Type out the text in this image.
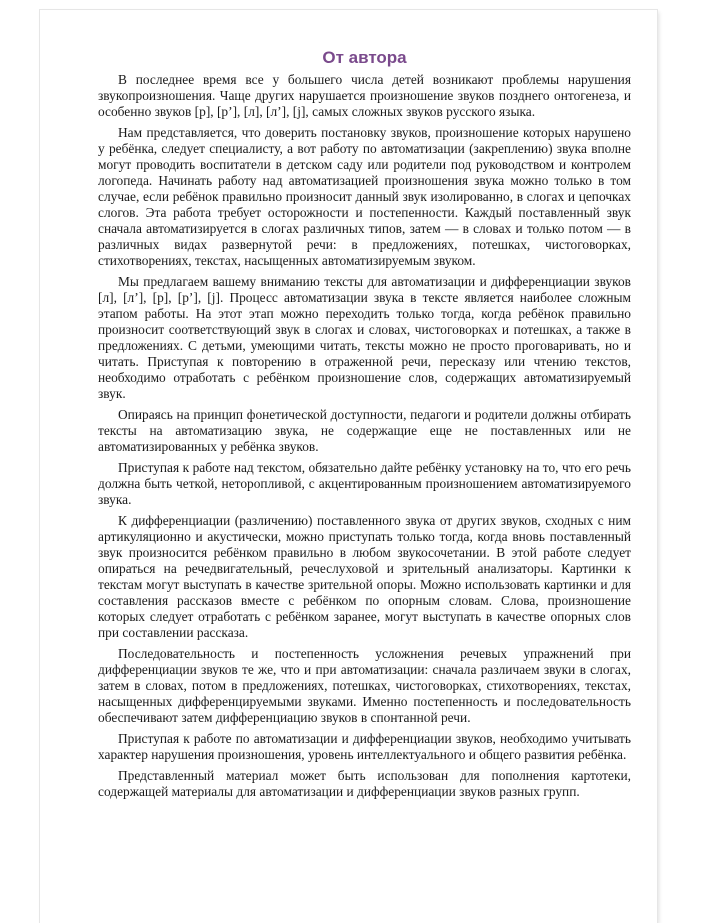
От автора

В последнее время все у большего числа детей возникают проблемы нарушения звукопроизношения. Чаще других нарушается произношение звуков позднего онтогенеза, и особенно звуков [р], [р’], [л], [л’], [j], самых сложных звуков русского языка.

Нам представляется, что доверить постановку звуков, произношение которых нарушено у ребёнка, следует специалисту, а вот работу по автоматизации (закреплению) звука вполне могут проводить воспитатели в детском саду или родители под руководством и контролем логопеда. Начинать работу над автоматизацией произношения звука можно только в том случае, если ребёнок правильно произносит данный звук изолированно, в слогах и цепочках слогов. Эта работа требует осторожности и постепенности. Каждый поставленный звук сначала автоматизируется в слогах различных типов, затем — в словах и только потом — в различных видах развернутой речи: в предложениях, потешках, чистоговорках, стихотворениях, текстах, насыщенных автоматизируемым звуком.

Мы предлагаем вашему вниманию тексты для автоматизации и дифференциации звуков [л], [л’], [р], [р’], [j]. Процесс автоматизации звука в тексте является наиболее сложным этапом работы. На этот этап можно переходить только тогда, когда ребёнок правильно произносит соответствующий звук в слогах и словах, чистоговорках и потешках, а также в предложениях. С детьми, умеющими читать, тексты можно не просто проговаривать, но и читать. Приступая к повторению в отраженной речи, пересказу или чтению текстов, необходимо отработать с ребёнком произношение слов, содержащих автоматизируемый звук.

Опираясь на принцип фонетической доступности, педагоги и родители должны отбирать тексты на автоматизацию звука, не содержащие еще не поставленных или не автоматизированных у ребёнка звуков.

Приступая к работе над текстом, обязательно дайте ребёнку установку на то, что его речь должна быть четкой, неторопливой, с акцентированным произношением автоматизируемого звука.

К дифференциации (различению) поставленного звука от других звуков, сходных с ним артикуляционно и акустически, можно приступать только тогда, когда вновь поставленный звук произносится ребёнком правильно в любом звукосочетании. В этой работе следует опираться на речедвигательный, речеслуховой и зрительный анализаторы. Картинки к текстам могут выступать в качестве зрительной опоры. Можно использовать картинки и для составления рассказов вместе с ребёнком по опорным словам. Слова, произношение которых следует отработать с ребёнком заранее, могут выступать в качестве опорных слов при составлении рассказа.

Последовательность и постепенность усложнения речевых упражнений при дифференциации звуков те же, что и при автоматизации: сначала различаем звуки в слогах, затем в словах, потом в предложениях, потешках, чистоговорках, стихотворениях, текстах, насыщенных дифференцируемыми звуками. Именно постепенность и последовательность обеспечивают затем дифференциацию звуков в спонтанной речи.

Приступая к работе по автоматизации и дифференциации звуков, необходимо учитывать характер нарушения произношения, уровень интеллектуального и общего развития ребёнка.

Представленный материал может быть использован для пополнения картотеки, содержащей материалы для автоматизации и дифференциации звуков разных групп.
